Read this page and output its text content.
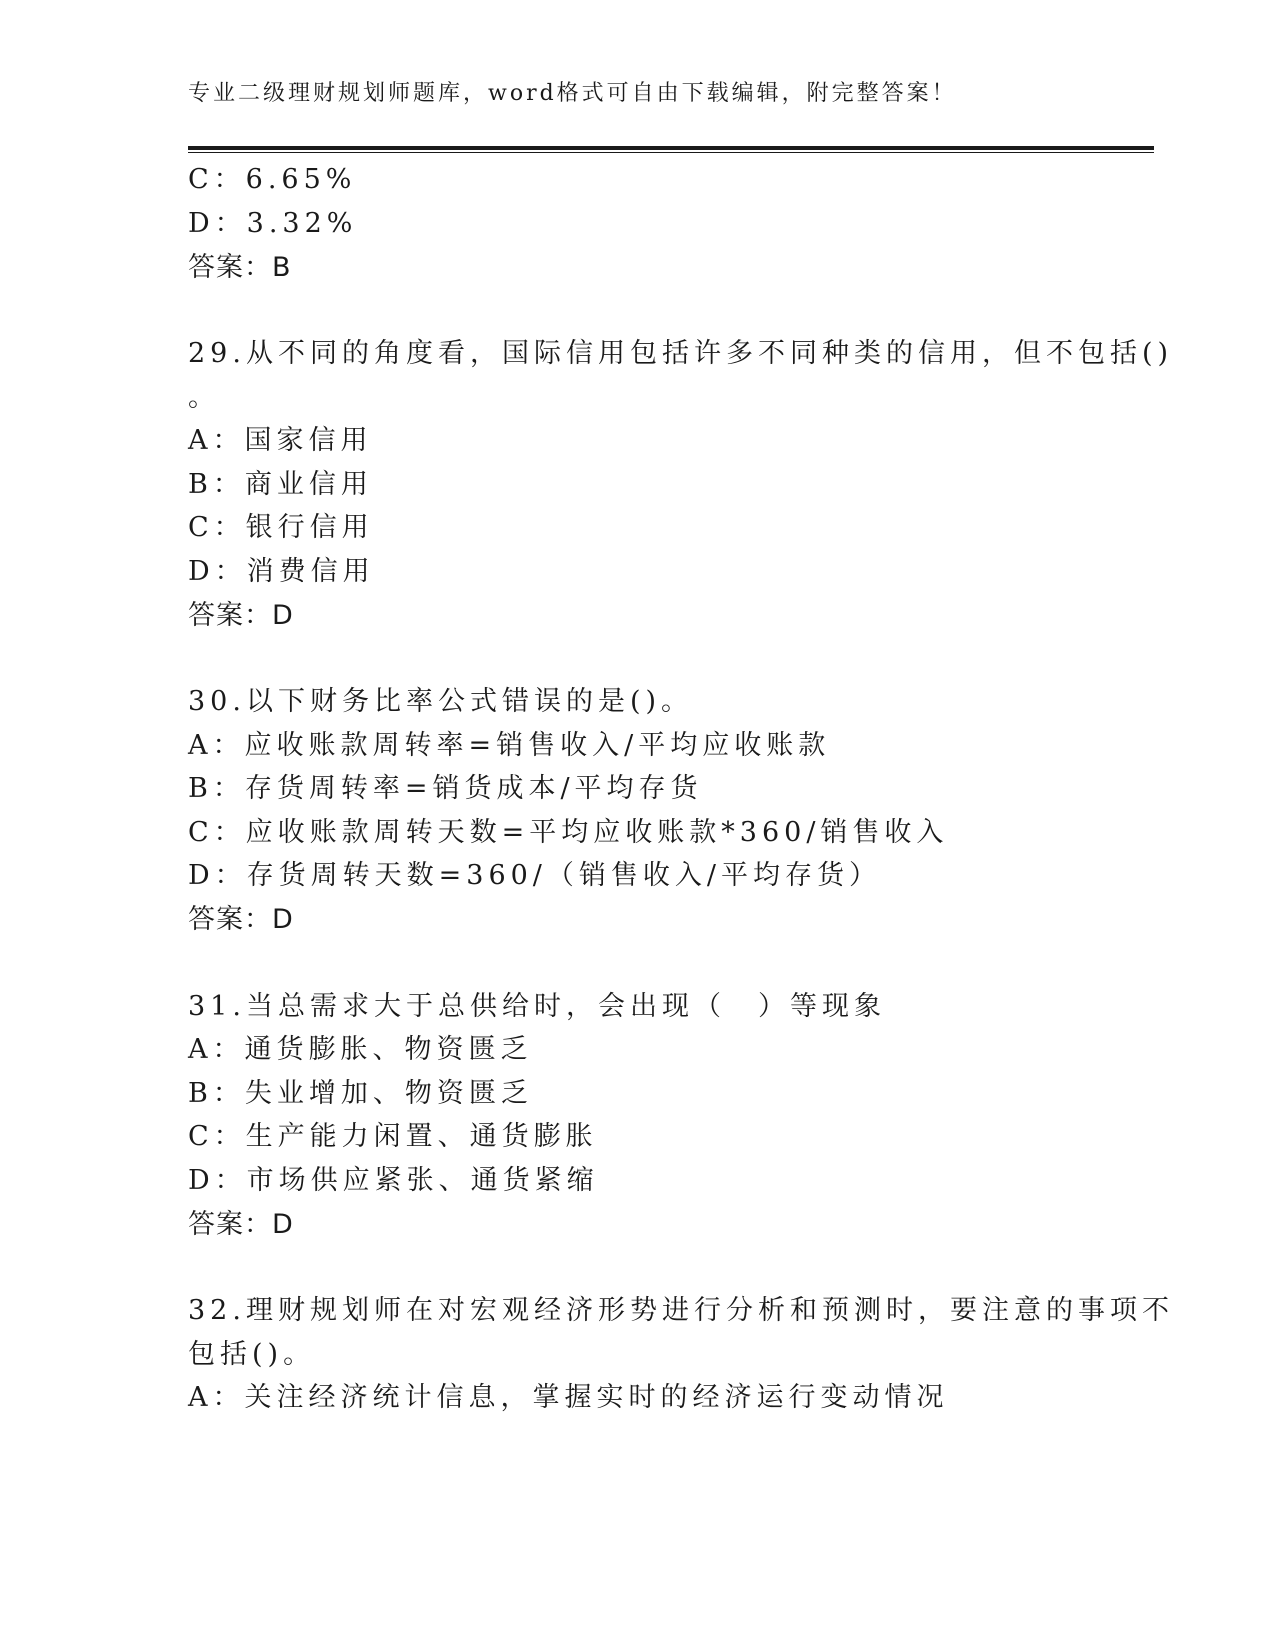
专业二级理财规划师题库，word格式可自由下载编辑，附完整答案！
C：6.65%
D：3.32%
答案：B
29.从不同的角度看，国际信用包括许多不同种类的信用，但不包括()
。
A：国家信用
B：商业信用
C：银行信用
D：消费信用
答案：D
30.以下财务比率公式错误的是()。
A：应收账款周转率=销售收入/平均应收账款
B：存货周转率=销货成本/平均存货
C：应收账款周转天数=平均应收账款*360/销售收入
D：存货周转天数=360/（销售收入/平均存货）
答案：D
31.当总需求大于总供给时，会出现（　）等现象
A：通货膨胀、物资匮乏
B：失业增加、物资匮乏
C：生产能力闲置、通货膨胀
D：市场供应紧张、通货紧缩
答案：D
32.理财规划师在对宏观经济形势进行分析和预测时，要注意的事项不
包括()。
A：关注经济统计信息，掌握实时的经济运行变动情况
